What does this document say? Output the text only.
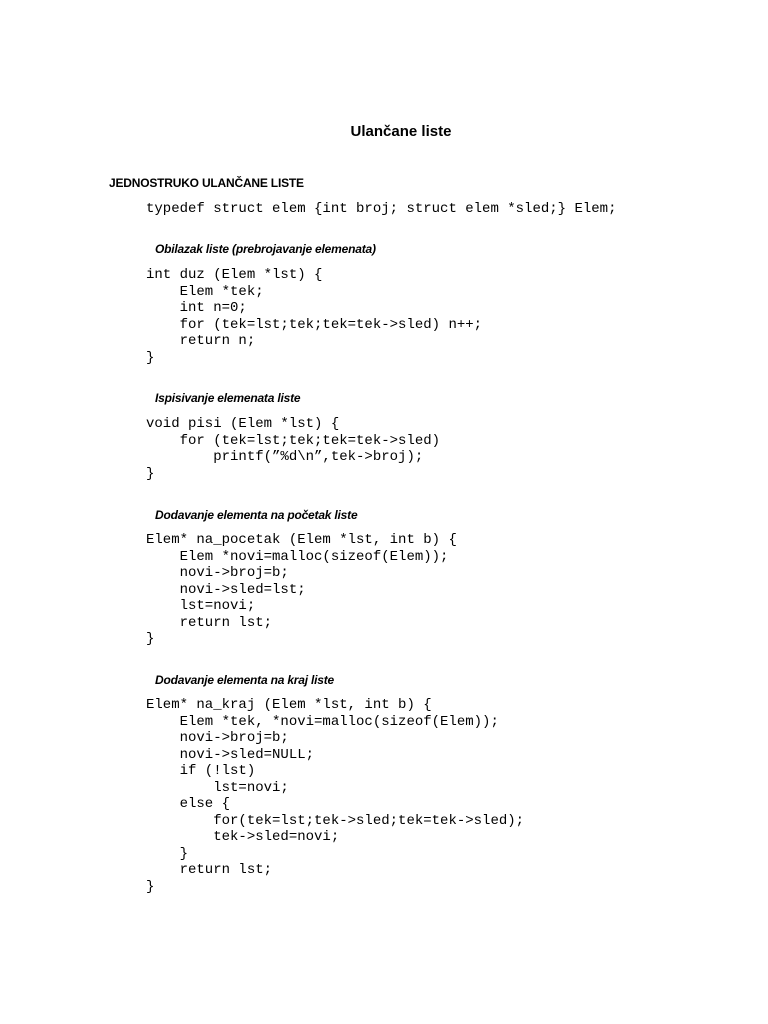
Ulančane liste
JEDNOSTRUKO ULANČANE LISTE
typedef struct elem {int broj; struct elem *sled;} Elem;
Obilazak liste (prebrojavanje elemenata)
int duz (Elem *lst) {
Elem *tek;
int n=0;
for (tek=lst;tek;tek=tek->sled) n++;
return n;
}
Ispisivanje elemenata liste
void pisi (Elem *lst) {
for (tek=lst;tek;tek=tek->sled)
printf(”%d\n”,tek->broj);
}
Dodavanje elementa na početak liste
Elem* na_pocetak (Elem *lst, int b) {
Elem *novi=malloc(sizeof(Elem));
novi->broj=b;
novi->sled=lst;
lst=novi;
return lst;
}
Dodavanje elementa na kraj liste
Elem* na_kraj (Elem *lst, int b) {
Elem *tek, *novi=malloc(sizeof(Elem));
novi->broj=b;
novi->sled=NULL;
if (!lst)
lst=novi;
else {
for(tek=lst;tek->sled;tek=tek->sled);
tek->sled=novi;
}
return lst;
}
